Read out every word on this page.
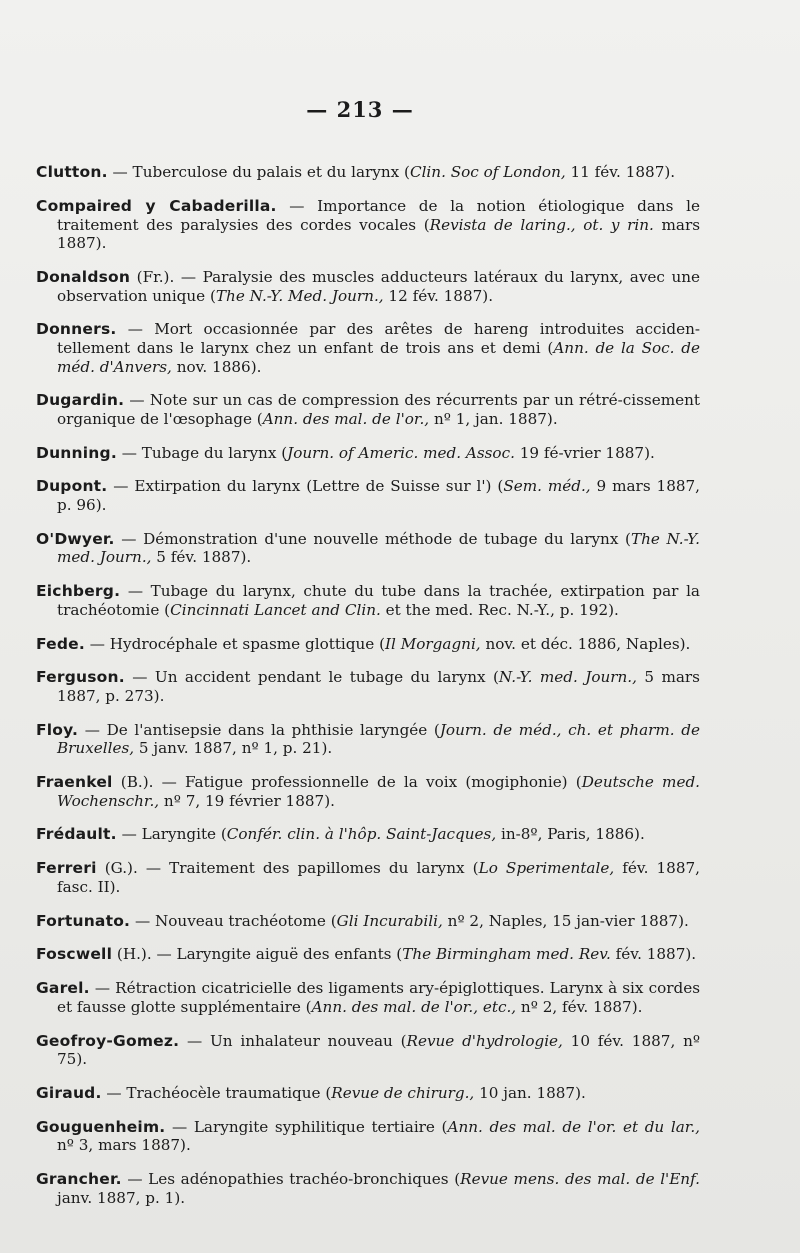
— 213 —

Clutton. — Tuberculose du palais et du larynx (Clin. Soc of London, 11 fév. 1887).

Compaired y Cabaderilla. — Importance de la notion étiologique dans le traitement des paralysies des cordes vocales (Revista de laring., ot. y rin. mars 1887).

Donaldson (Fr.). — Paralysie des muscles adducteurs latéraux du larynx, avec une observation unique (The N.-Y. Med. Journ., 12 fév. 1887).

Donners. — Mort occasionnée par des arêtes de hareng introduites acciden-tellement dans le larynx chez un enfant de trois ans et demi (Ann. de la Soc. de méd. d'Anvers, nov. 1886).

Dugardin. — Note sur un cas de compression des récurrents par un rétré-cissement organique de l'œsophage (Ann. des mal. de l'or., nº 1, jan. 1887).

Dunning. — Tubage du larynx (Journ. of Americ. med. Assoc. 19 fé-vrier 1887).

Dupont. — Extirpation du larynx (Lettre de Suisse sur l') (Sem. méd., 9 mars 1887, p. 96).

O'Dwyer. — Démonstration d'une nouvelle méthode de tubage du larynx (The N.-Y. med. Journ., 5 fév. 1887).

Eichberg. — Tubage du larynx, chute du tube dans la trachée, extirpation par la trachéotomie (Cincinnati Lancet and Clin. et the med. Rec. N.-Y., p. 192).

Fede. — Hydrocéphale et spasme glottique (Il Morgagni, nov. et déc. 1886, Naples).

Ferguson. — Un accident pendant le tubage du larynx (N.-Y. med. Journ., 5 mars 1887, p. 273).

Floy. — De l'antisepsie dans la phthisie laryngée (Journ. de méd., ch. et pharm. de Bruxelles, 5 janv. 1887, nº 1, p. 21).

Fraenkel (B.). — Fatigue professionnelle de la voix (mogiphonie) (Deutsche med. Wochenschr., nº 7, 19 février 1887).

Frédault. — Laryngite (Confér. clin. à l'hôp. Saint-Jacques, in-8º, Paris, 1886).

Ferreri (G.). — Traitement des papillomes du larynx (Lo Sperimentale, fév. 1887, fasc. II).

Fortunato. — Nouveau trachéotome (Gli Incurabili, nº 2, Naples, 15 jan-vier 1887).

Foscwell (H.). — Laryngite aiguë des enfants (The Birmingham med. Rev. fév. 1887).

Garel. — Rétraction cicatricielle des ligaments ary-épiglottiques. Larynx à six cordes et fausse glotte supplémentaire (Ann. des mal. de l'or., etc., nº 2, fév. 1887).

Geofroy-Gomez. — Un inhalateur nouveau (Revue d'hydrologie, 10 fév. 1887, nº 75).

Giraud. — Trachéocèle traumatique (Revue de chirurg., 10 jan. 1887).

Gouguenheim. — Laryngite syphilitique tertiaire (Ann. des mal. de l'or. et du lar., nº 3, mars 1887).

Grancher. — Les adénopathies trachéo-bronchiques (Revue mens. des mal. de l'Enf. janv. 1887, p. 1).
